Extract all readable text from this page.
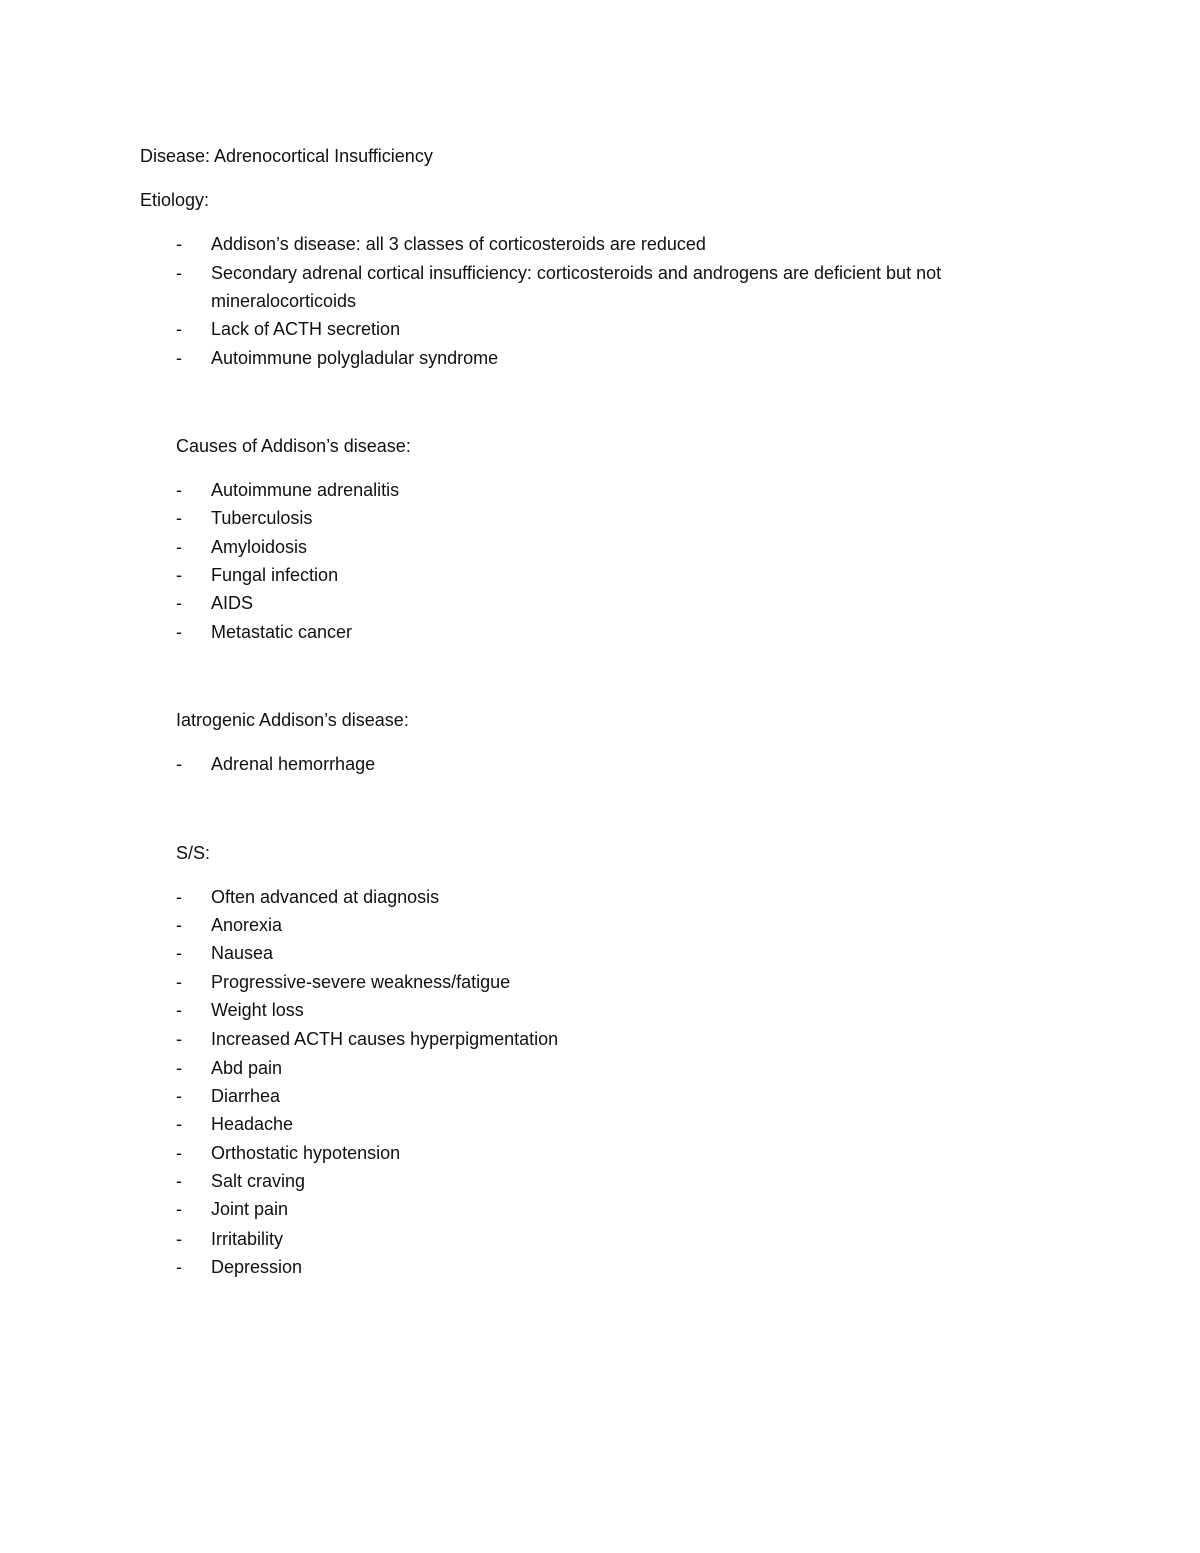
Disease: Adrenocortical Insufficiency
Etiology:
- Addison’s disease: all 3 classes of corticosteroids are reduced
- Secondary adrenal cortical insufficiency: corticosteroids and androgens are deficient but not
mineralocorticoids
- Lack of ACTH secretion
- Autoimmune polygladular syndrome
Causes of Addison’s disease:
- Autoimmune adrenalitis
- Tuberculosis
- Amyloidosis
- Fungal infection
- AIDS
- Metastatic cancer
Iatrogenic Addison’s disease:
- Adrenal hemorrhage
S/S:
- Often advanced at diagnosis
- Anorexia
- Nausea
- Progressive-severe weakness/fatigue
- Weight loss
- Increased ACTH causes hyperpigmentation
- Abd pain
- Diarrhea
- Headache
- Orthostatic hypotension
- Salt craving
- Joint pain
- Irritability
- Depression
